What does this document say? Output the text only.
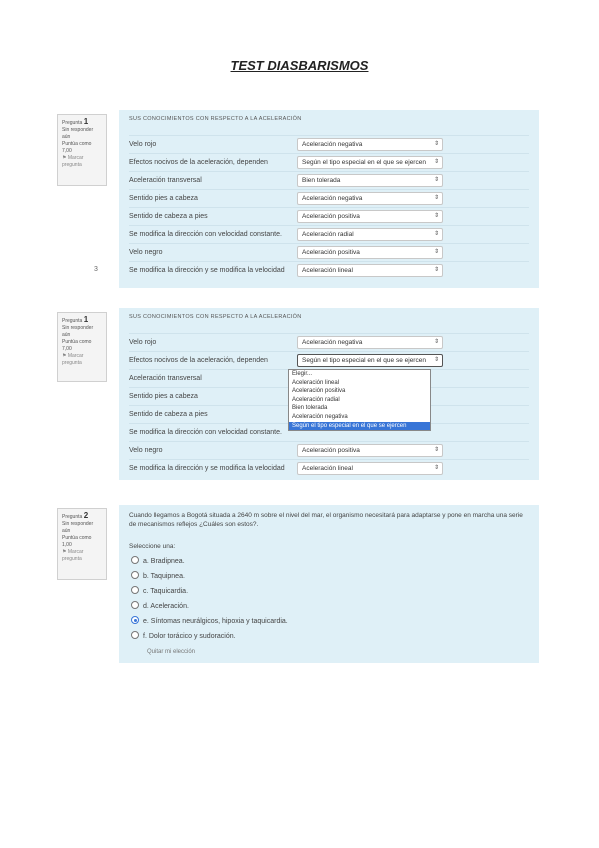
TEST DIASBARISMOS
Pregunta 1
Sin responder aún
Puntúa como 7,00
⚑ Marcar pregunta
SUS CONOCIMIENTOS CON RESPECTO A LA ACELERACIÓN
Velo rojo	Aceleración negativa	⇕
Efectos nocivos de la aceleración, dependen	Según el tipo especial en el que se ejercen ⇕
Aceleración transversal	Bien tolerada	⇕
Sentido pies a cabeza	Aceleración negativa	⇕
Sentido de cabeza a pies	Aceleración positiva	⇕
Se modifica la dirección con velocidad constante.	Aceleración radial	⇕
Velo negro	Aceleración positiva	⇕
Se modifica la dirección y se modifica la velocidad	Aceleración lineal	⇕
3
Pregunta 1
Sin responder aún
Puntúa como 7,00
⚑ Marcar pregunta
SUS CONOCIMIENTOS CON RESPECTO A LA ACELERACIÓN
Velo rojo	Aceleración negativa	⇕
Efectos nocivos de la aceleración, dependen	Según el tipo especial en el que se ejercen ⇕
Aceleración transversal
Sentido pies a cabeza
Sentido de cabeza a pies
Se modifica la dirección con velocidad constante.
Velo negro	Aceleración positiva	⇕
Se modifica la dirección y se modifica la velocidad	Aceleración lineal	⇕
Elegir...
Aceleración lineal
Aceleración positiva
Aceleración radial
Bien tolerada
Aceleración negativa
Según el tipo especial en el que se ejercen
Pregunta 2
Sin responder aún
Puntúa como 1,00
⚑ Marcar pregunta
Cuando llegamos a Bogotá situada a 2640 m sobre el nivel del mar, el organismo necesitará para adaptarse y pone en marcha una serie de mecanismos reflejos ¿Cuáles son estos?.
Seleccione una:
a. Bradipnea.
b. Taquipnea.
c. Taquicardia.
d. Aceleración.
e. Síntomas neurálgicos, hipoxia y taquicardia.
f. Dolor torácico y sudoración.
Quitar mi elección
